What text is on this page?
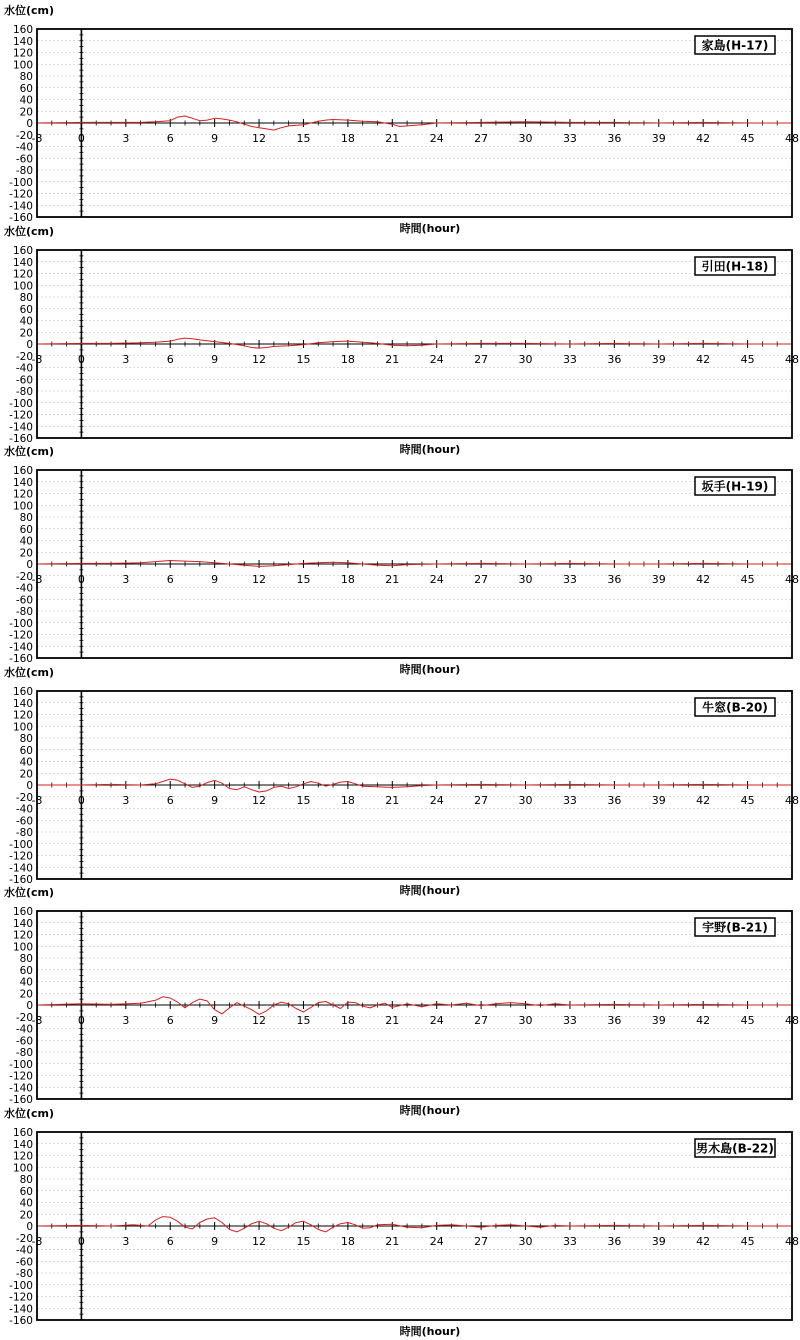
水位(cm)
160
140
120
100
80
60
40
20
0
-20
-40
-60
-80
-100
-120
-140
-160
-3	0	3	6	9	12	15	18	21	24	27	30	33	36	39	42	45	48
家島(H-17)
時間(hour)
水位(cm)
160
140
120
100
80
60
40
20
0
-20
-40
-60
-80
-100
-120
-140
-160
-3	0	3	6	9	12	15	18	21	24	27	30	33	36	39	42	45	48
引田(H-18)
時間(hour)
水位(cm)
160
140
120
100
80
60
40
20
0
-20
-40
-60
-80
-100
-120
-140
-160
-3	0	3	6	9	12	15	18	21	24	27	30	33	36	39	42	45	48
坂手(H-19)
時間(hour)
水位(cm)
160
140
120
100
80
60
40
20
0
-20
-40
-60
-80
-100
-120
-140
-160
-3	0	3	6	9	12	15	18	21	24	27	30	33	36	39	42	45	48
牛窓(B-20)
時間(hour)
水位(cm)
160
140
120
100
80
60
40
20
0
-20
-40
-60
-80
-100
-120
-140
-160
-3	0	3	6	9	12	15	18	21	24	27	30	33	36	39	42	45	48
宇野(B-21)
時間(hour)
水位(cm)
160
140
120
100
80
60
40
20
0
-20
-40
-60
-80
-100
-120
-140
-160
-3	0	3	6	9	12	15	18	21	24	27	30	33	36	39	42	45	48
男木島(B-22)
時間(hour)
